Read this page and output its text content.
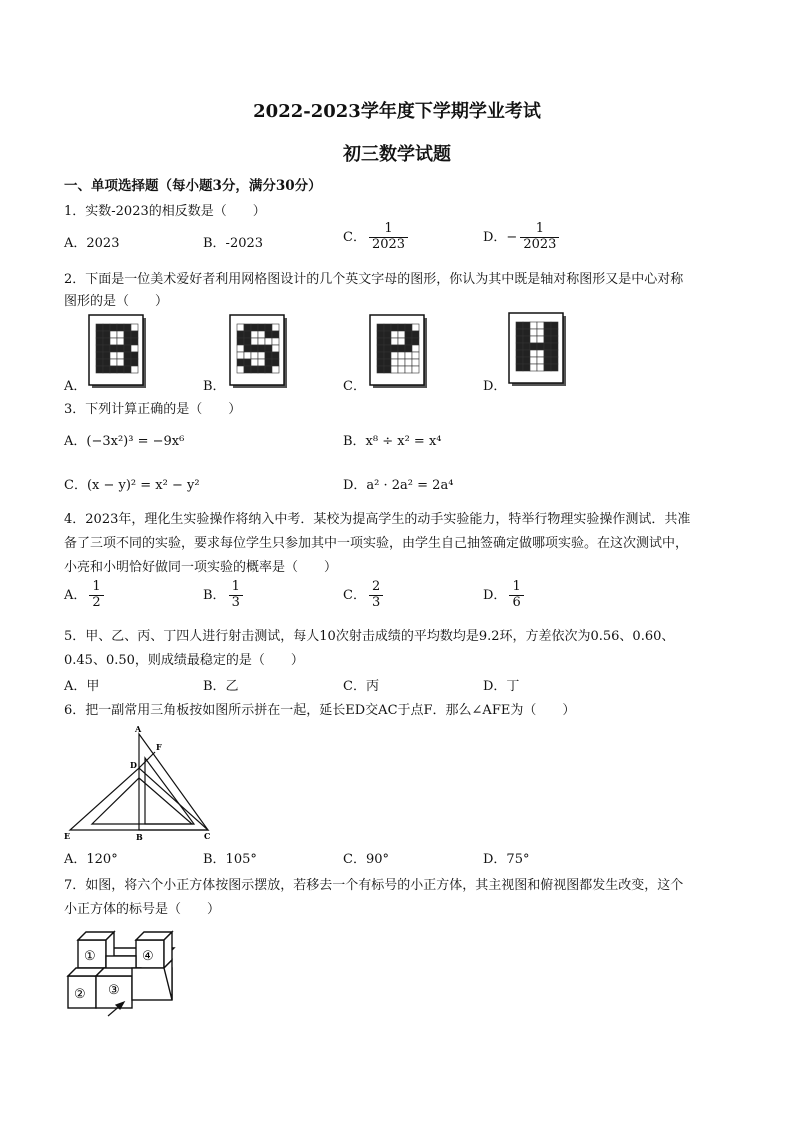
2022-2023学年度下学期学业考试
初三数学试题
一、单项选择题（每小题3分，满分30分）
1．实数-2023的相反数是（　　）
A．2023	B．-2023	C． $\frac{1}{2023}$	D．− $\frac{1}{2023}$
2．下面是一位美术爱好者利用网格图设计的几个英文字母的图形，你认为其中既是轴对称图形又是中心对称
图形的是（　　）
A．	B．	C．	D．
3．下列计算正确的是（　　）
A．(−3x²)³ = −9x⁶	B．x⁸ ÷ x² = x⁴
C．(x − y)² = x² − y²	D．a² · 2a² = 2a⁴
4．2023年，理化生实验操作将纳入中考．某校为提高学生的动手实验能力，特举行物理实验操作测试．共准
备了三项不同的实验，要求每位学生只参加其中一项实验，由学生自己抽签确定做哪项实验。在这次测试中，
小亮和小明恰好做同一项实验的概率是（　　）
A． $\frac{1}{2}$	B． $\frac{1}{3}$	C． $\frac{2}{3}$	D． $\frac{1}{6}$
5．甲、乙、丙、丁四人进行射击测试，每人10次射击成绩的平均数均是9.2环，方差依次为0.56、0.60、
0.45、0.50，则成绩最稳定的是（　　）
A．甲	B．乙	C．丙	D．丁
6．把一副常用三角板按如图所示拼在一起，延长ED交AC于点F．那么∠AFE为（　　）
A
F
D
E	B	C
A．120°	B．105°	C．90°	D．75°
7．如图，将六个小正方体按图示摆放，若移去一个有标号的小正方体，其主视图和俯视图都发生改变，这个
小正方体的标号是（　　）
①
② ③
④
